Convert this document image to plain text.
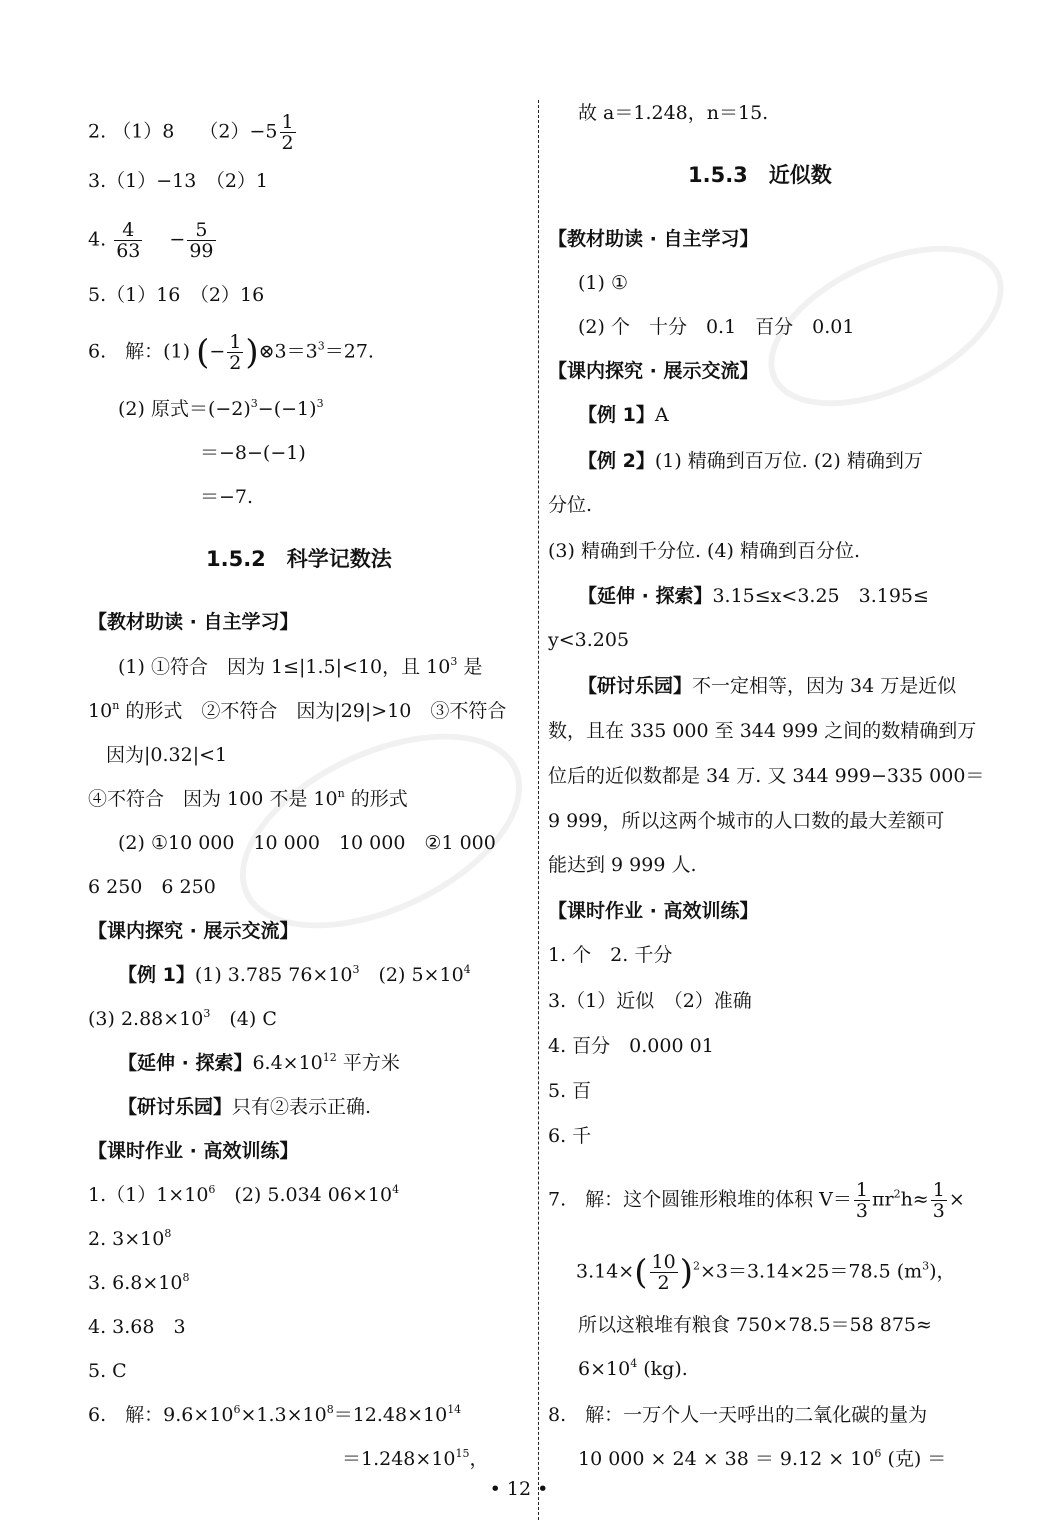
2. （1）8　 $(2)-5 \frac{1}{2}$
3.（1）−13　（2）1
4. $\frac{4}{63}$
　 − $\frac{5}{99}$
5.（1）16　（2）16
6.　解：(1) (− $\frac{1}{2}$ )$\otimes 3=3^3=27$.
(2) 原式$=(-2)^3-(-1)^3$
＝−8−(−1)
＝−7.
1.5.2　科学记数法
【教材助读 · 自主学习】
(1) ①符合　因为 1≤|1.5|<10，且 $10^3$ 是
10$^n$ 的形式　②不符合　因为|29|>10　③不符合
因为|0.32|<1
④不符合　因为 100 不是 10$^n$ 的形式
(2) ①10 000　10 000　10 000　②1 000
6 250　6 250
【课内探究 · 展示交流】
【例 1】(1) 3.785 $76\times 10^3$　(2) $5\times 10^4$
(3) $2.88\times 10^3$　(4) C
【延伸 · 探索】$6.4\times 10^{12}$ 平方米
【研讨乐园】只有②表示正确.
【课时作业 · 高效训练】
$1.(1)1\times 10^6$　(2) 5.034 $06\times 10^4$
2. $3\times 10^8$
3. $6.8\times 10^8$
4. 3.68　3
5. C
6.　解：$9.6\times 10^6\times 1.3\times 10^8=12.48\times 10^{14}$
$=1.248\times 10^{15}$，
故 a＝1.248，n＝15.
1.5.3　近似数
【教材助读 · 自主学习】
(1) ①
(2) 个　十分　0.1　百分　0.01
【课内探究 · 展示交流】
【例 1】A
【例 2】(1) 精确到百万位. (2) 精确到万
分位.
(3) 精确到千分位. (4) 精确到百分位.
【延伸 · 探索】3.15≤x<3.25　3.195≤
y<3.205
【研讨乐园】不一定相等，因为 34 万是近似
数，且在 335 000 至 344 999 之间的数精确到万
位后的近似数都是 34 万. 又 344 999−335 000＝
9 999，所以这两个城市的人口数的最大差额可
能达到 9 999 人.
【课时作业 · 高效训练】
1. 个　2. 千分
3.（1）近似　（2）准确
4. 百分　0.000 01
5. 百
6. 千
7.　解：这个圆锥形粮堆的体积 $V= \frac{1}{3} \pi r^2h\approx \frac{1}{3}$ ×
$3.14\times( \frac{10}{2} )^2\times 3=3.14\times 25=78.5$ $(m^3)$，
所以这粮堆有粮食 750×78.5＝58 875≈
$6\times 10^4$ (kg).
8.　解：一万个人一天呼出的二氧化碳的量为
10 $000 \times 24 \times 38 = 9.12 \times 10^6$ (克) ＝
• 12 •
